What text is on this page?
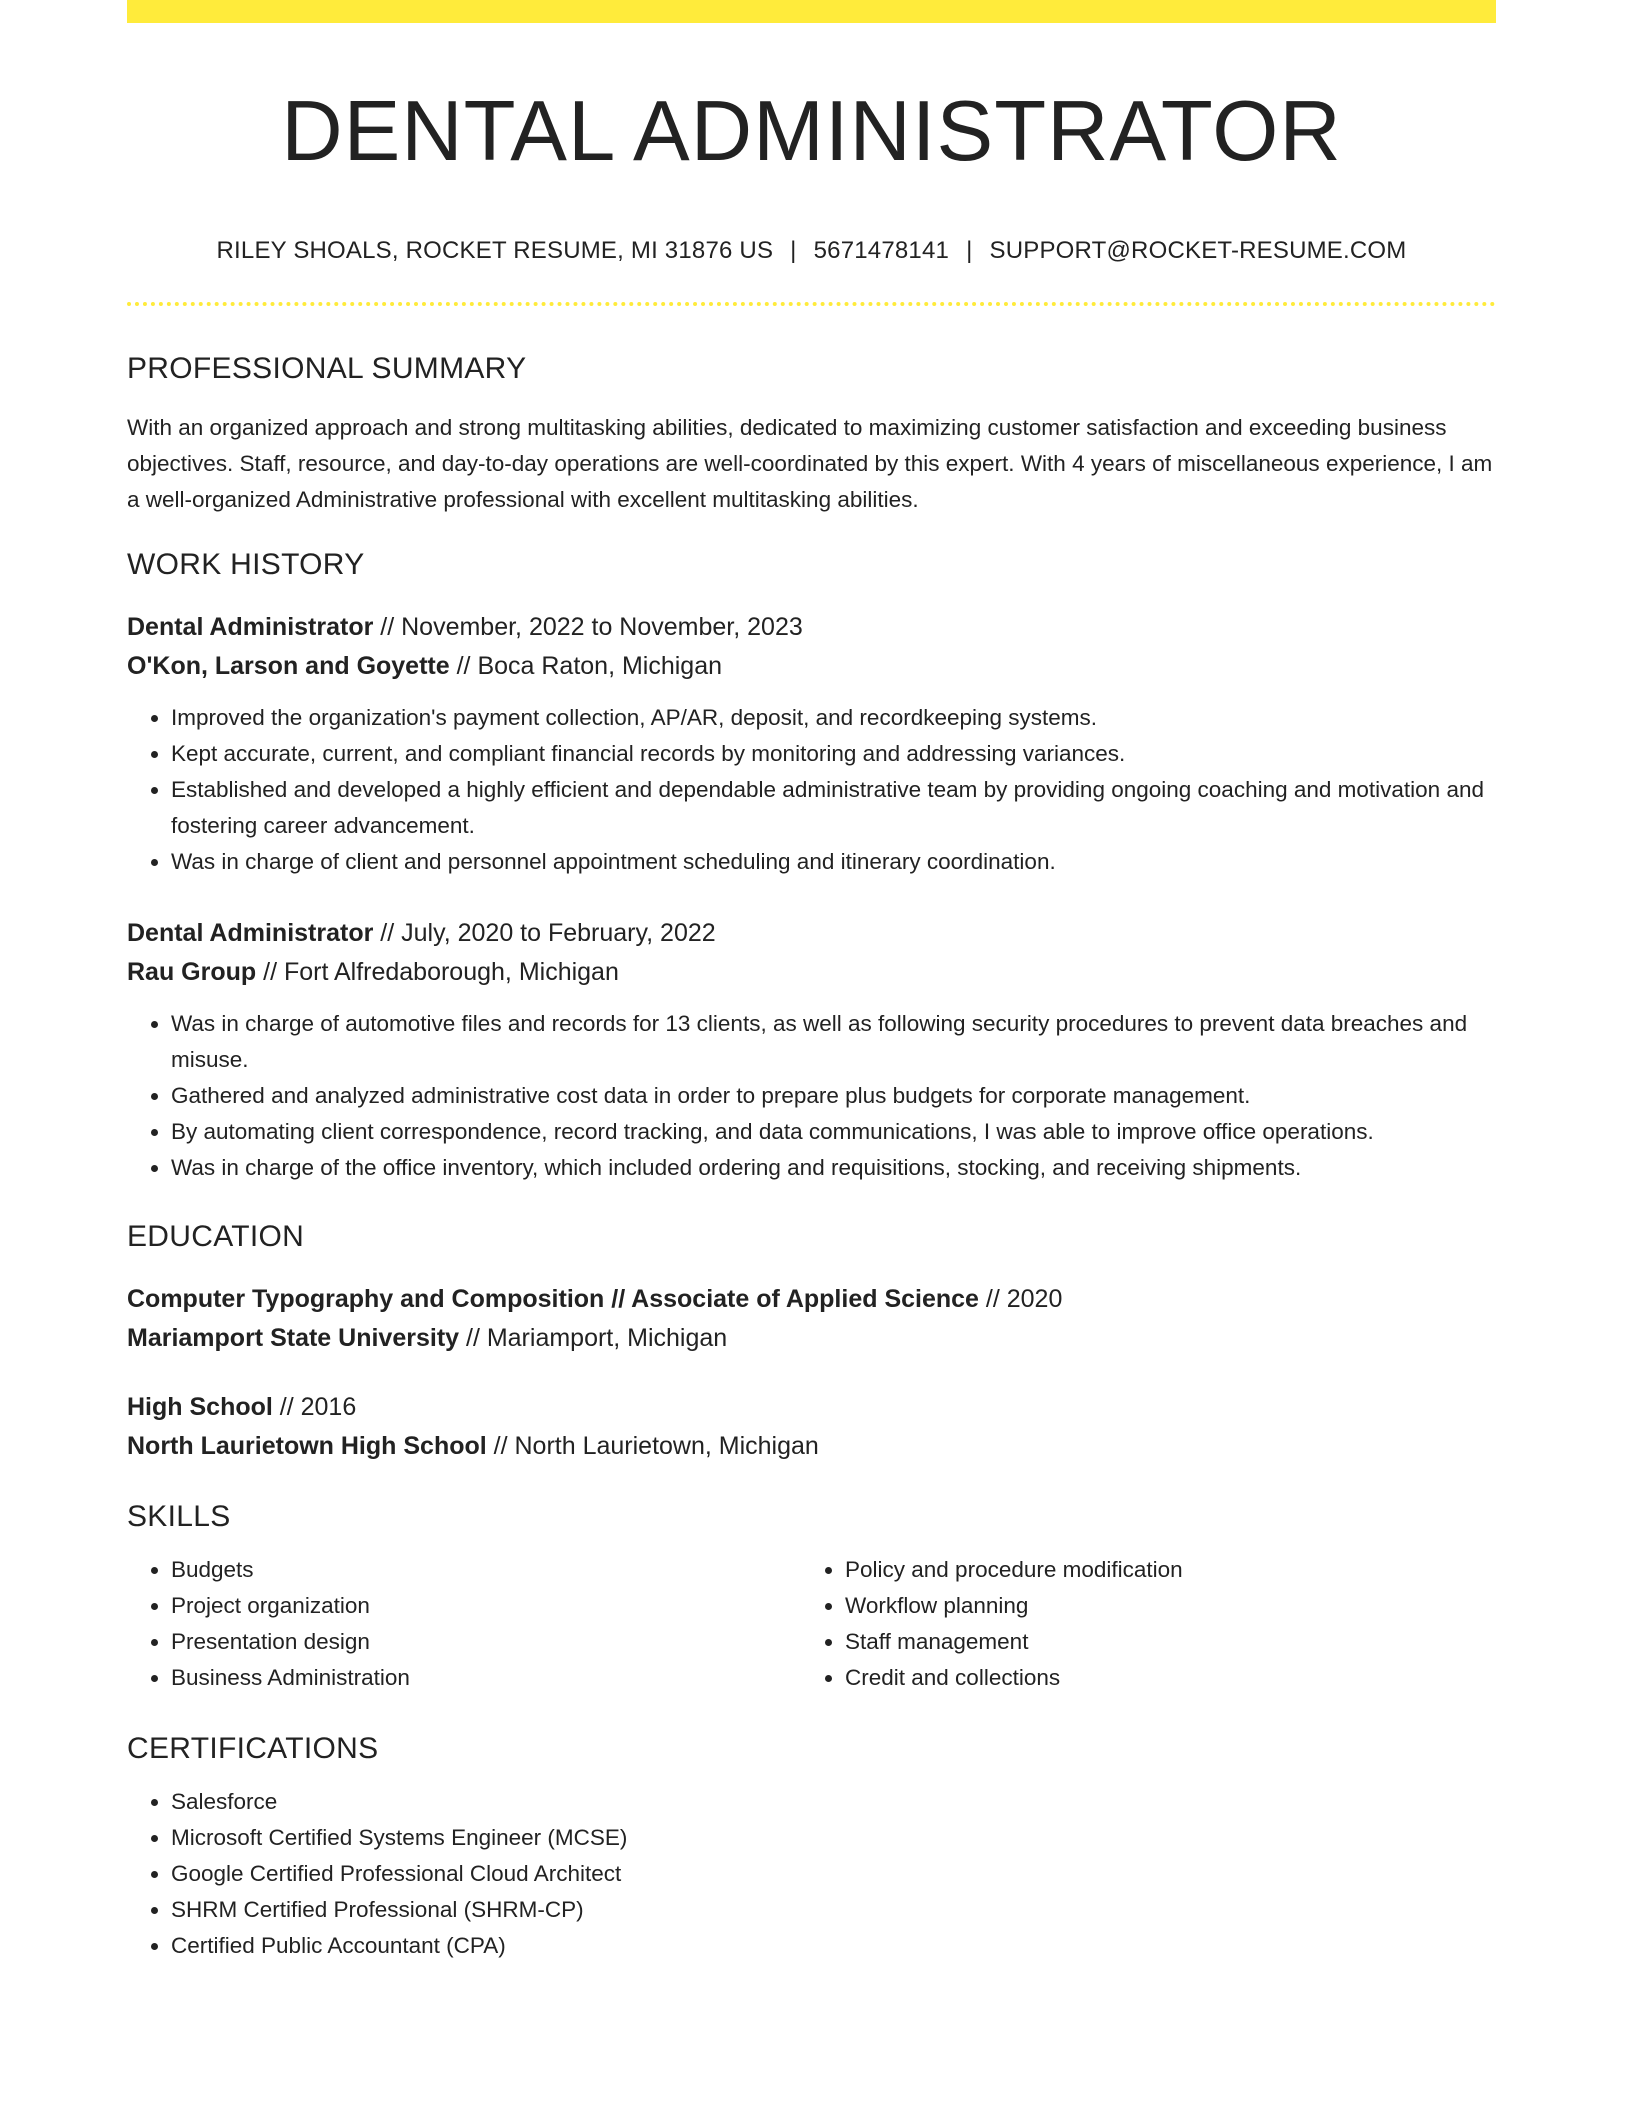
DENTAL ADMINISTRATOR
RILEY SHOALS, ROCKET RESUME, MI 31876 US | 5671478141 | SUPPORT@ROCKET-RESUME.COM
PROFESSIONAL SUMMARY
With an organized approach and strong multitasking abilities, dedicated to maximizing customer satisfaction and exceeding business objectives. Staff, resource, and day-to-day operations are well-coordinated by this expert. With 4 years of miscellaneous experience, I am a well-organized Administrative professional with excellent multitasking abilities.
WORK HISTORY
Dental Administrator // November, 2022 to November, 2023
O'Kon, Larson and Goyette // Boca Raton, Michigan
• Improved the organization's payment collection, AP/AR, deposit, and recordkeeping systems.
• Kept accurate, current, and compliant financial records by monitoring and addressing variances.
• Established and developed a highly efficient and dependable administrative team by providing ongoing coaching and motivation and fostering career advancement.
• Was in charge of client and personnel appointment scheduling and itinerary coordination.
Dental Administrator // July, 2020 to February, 2022
Rau Group // Fort Alfredaborough, Michigan
• Was in charge of automotive files and records for 13 clients, as well as following security procedures to prevent data breaches and misuse.
• Gathered and analyzed administrative cost data in order to prepare plus budgets for corporate management.
• By automating client correspondence, record tracking, and data communications, I was able to improve office operations.
• Was in charge of the office inventory, which included ordering and requisitions, stocking, and receiving shipments.
EDUCATION
Computer Typography and Composition // Associate of Applied Science // 2020
Mariamport State University // Mariamport, Michigan
High School // 2016
North Laurietown High School // North Laurietown, Michigan
SKILLS
• Budgets
• Project organization
• Presentation design
• Business Administration
• Policy and procedure modification
• Workflow planning
• Staff management
• Credit and collections
CERTIFICATIONS
• Salesforce
• Microsoft Certified Systems Engineer (MCSE)
• Google Certified Professional Cloud Architect
• SHRM Certified Professional (SHRM-CP)
• Certified Public Accountant (CPA)
